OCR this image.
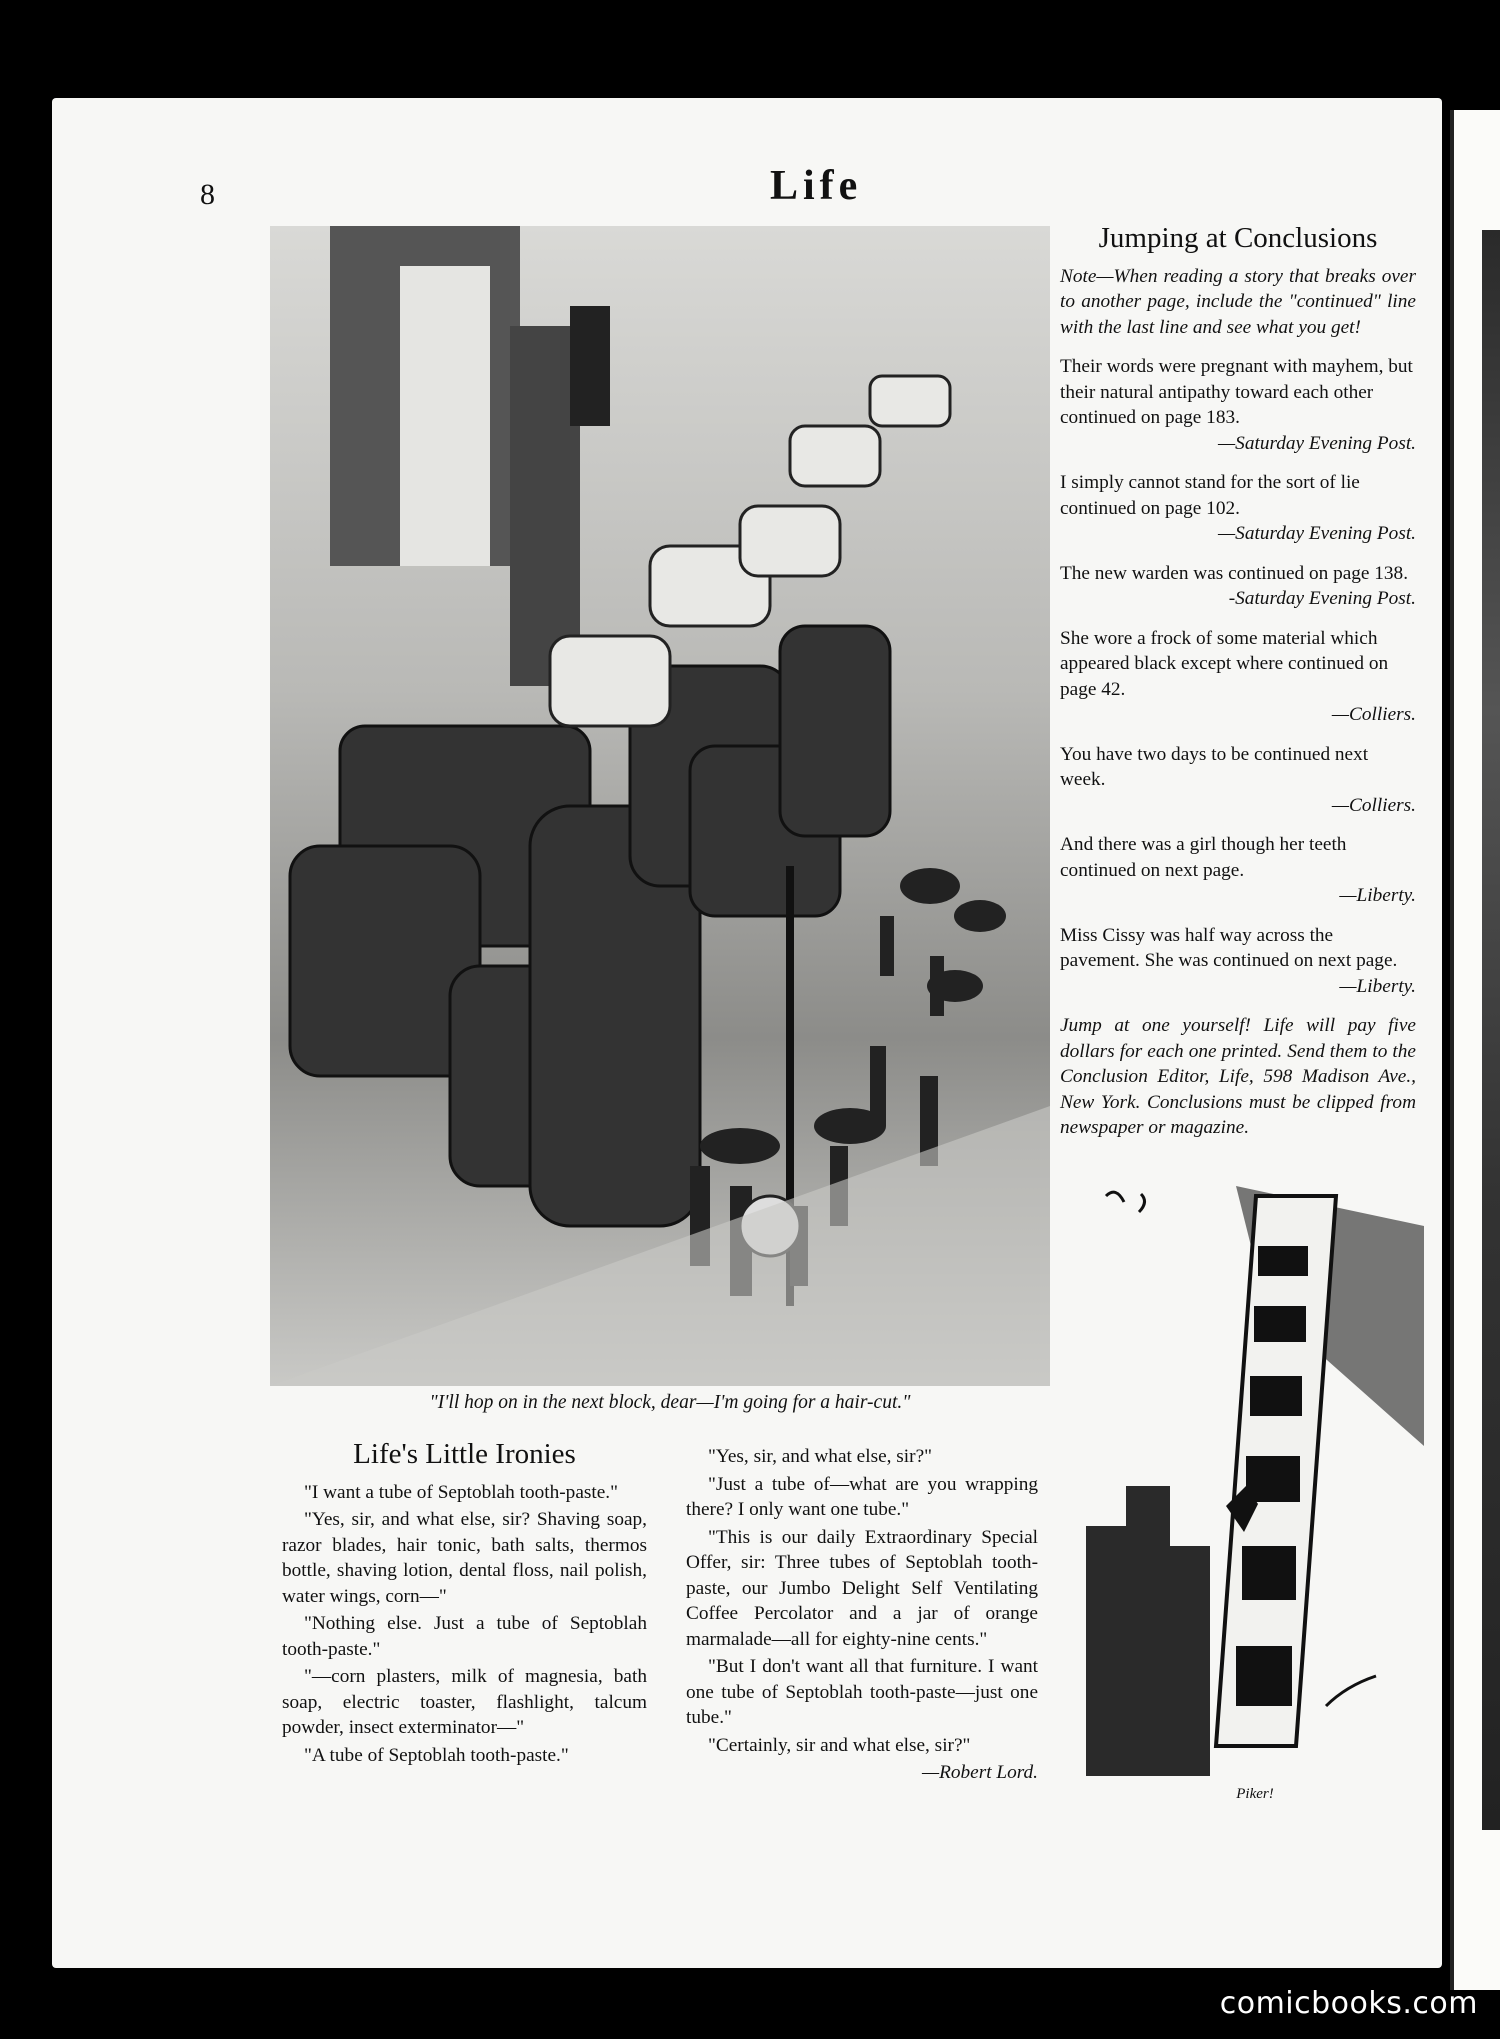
8	Life
"I'll hop on in the next block, dear—I'm going for a hair-cut."
Jumping at Conclusions

Note—When reading a story that breaks over to another page, include the "continued" line with the last line and see what you get!

Their words were pregnant with mayhem, but their natural antipathy toward each other continued on page 183.
—Saturday Evening Post.
I simply cannot stand for the sort of lie continued on page 102.
—Saturday Evening Post.
The new warden was continued on page 138.
-Saturday Evening Post.
She wore a frock of some material which appeared black except where continued on page 42.
—Colliers.
You have two days to be continued next week.
—Colliers.
And there was a girl though her teeth continued on next page.
—Liberty.
Miss Cissy was half way across the pavement. She was continued on next page.
—Liberty.

Jump at one yourself! Life will pay five dollars for each one printed. Send them to the Conclusion Editor, Life, 598 Madison Ave., New York. Conclusions must be clipped from newspaper or magazine.

Life's Little Ironies

"I want a tube of Septoblah tooth-paste."

"Yes, sir, and what else, sir? Shaving soap, razor blades, hair tonic, bath salts, thermos bottle, shaving lotion, dental floss, nail polish, water wings, corn—"

"Nothing else. Just a tube of Septoblah tooth-paste."

"—corn plasters, milk of magnesia, bath soap, electric toaster, flashlight, talcum powder, insect exterminator—"

"A tube of Septoblah tooth-paste."

"Yes, sir, and what else, sir?"

"Just a tube of—what are you wrapping there? I only want one tube."

"This is our daily Extraordinary Special Offer, sir: Three tubes of Septoblah tooth-paste, our Jumbo Delight Self Ventilating Coffee Percolator and a jar of orange marmalade—all for eighty-nine cents."

"But I don't want all that furniture. I want one tube of Septoblah tooth-paste—just one tube."

"Certainly, sir and what else, sir?"

—Robert Lord.

Piker!
comicbooks.com
